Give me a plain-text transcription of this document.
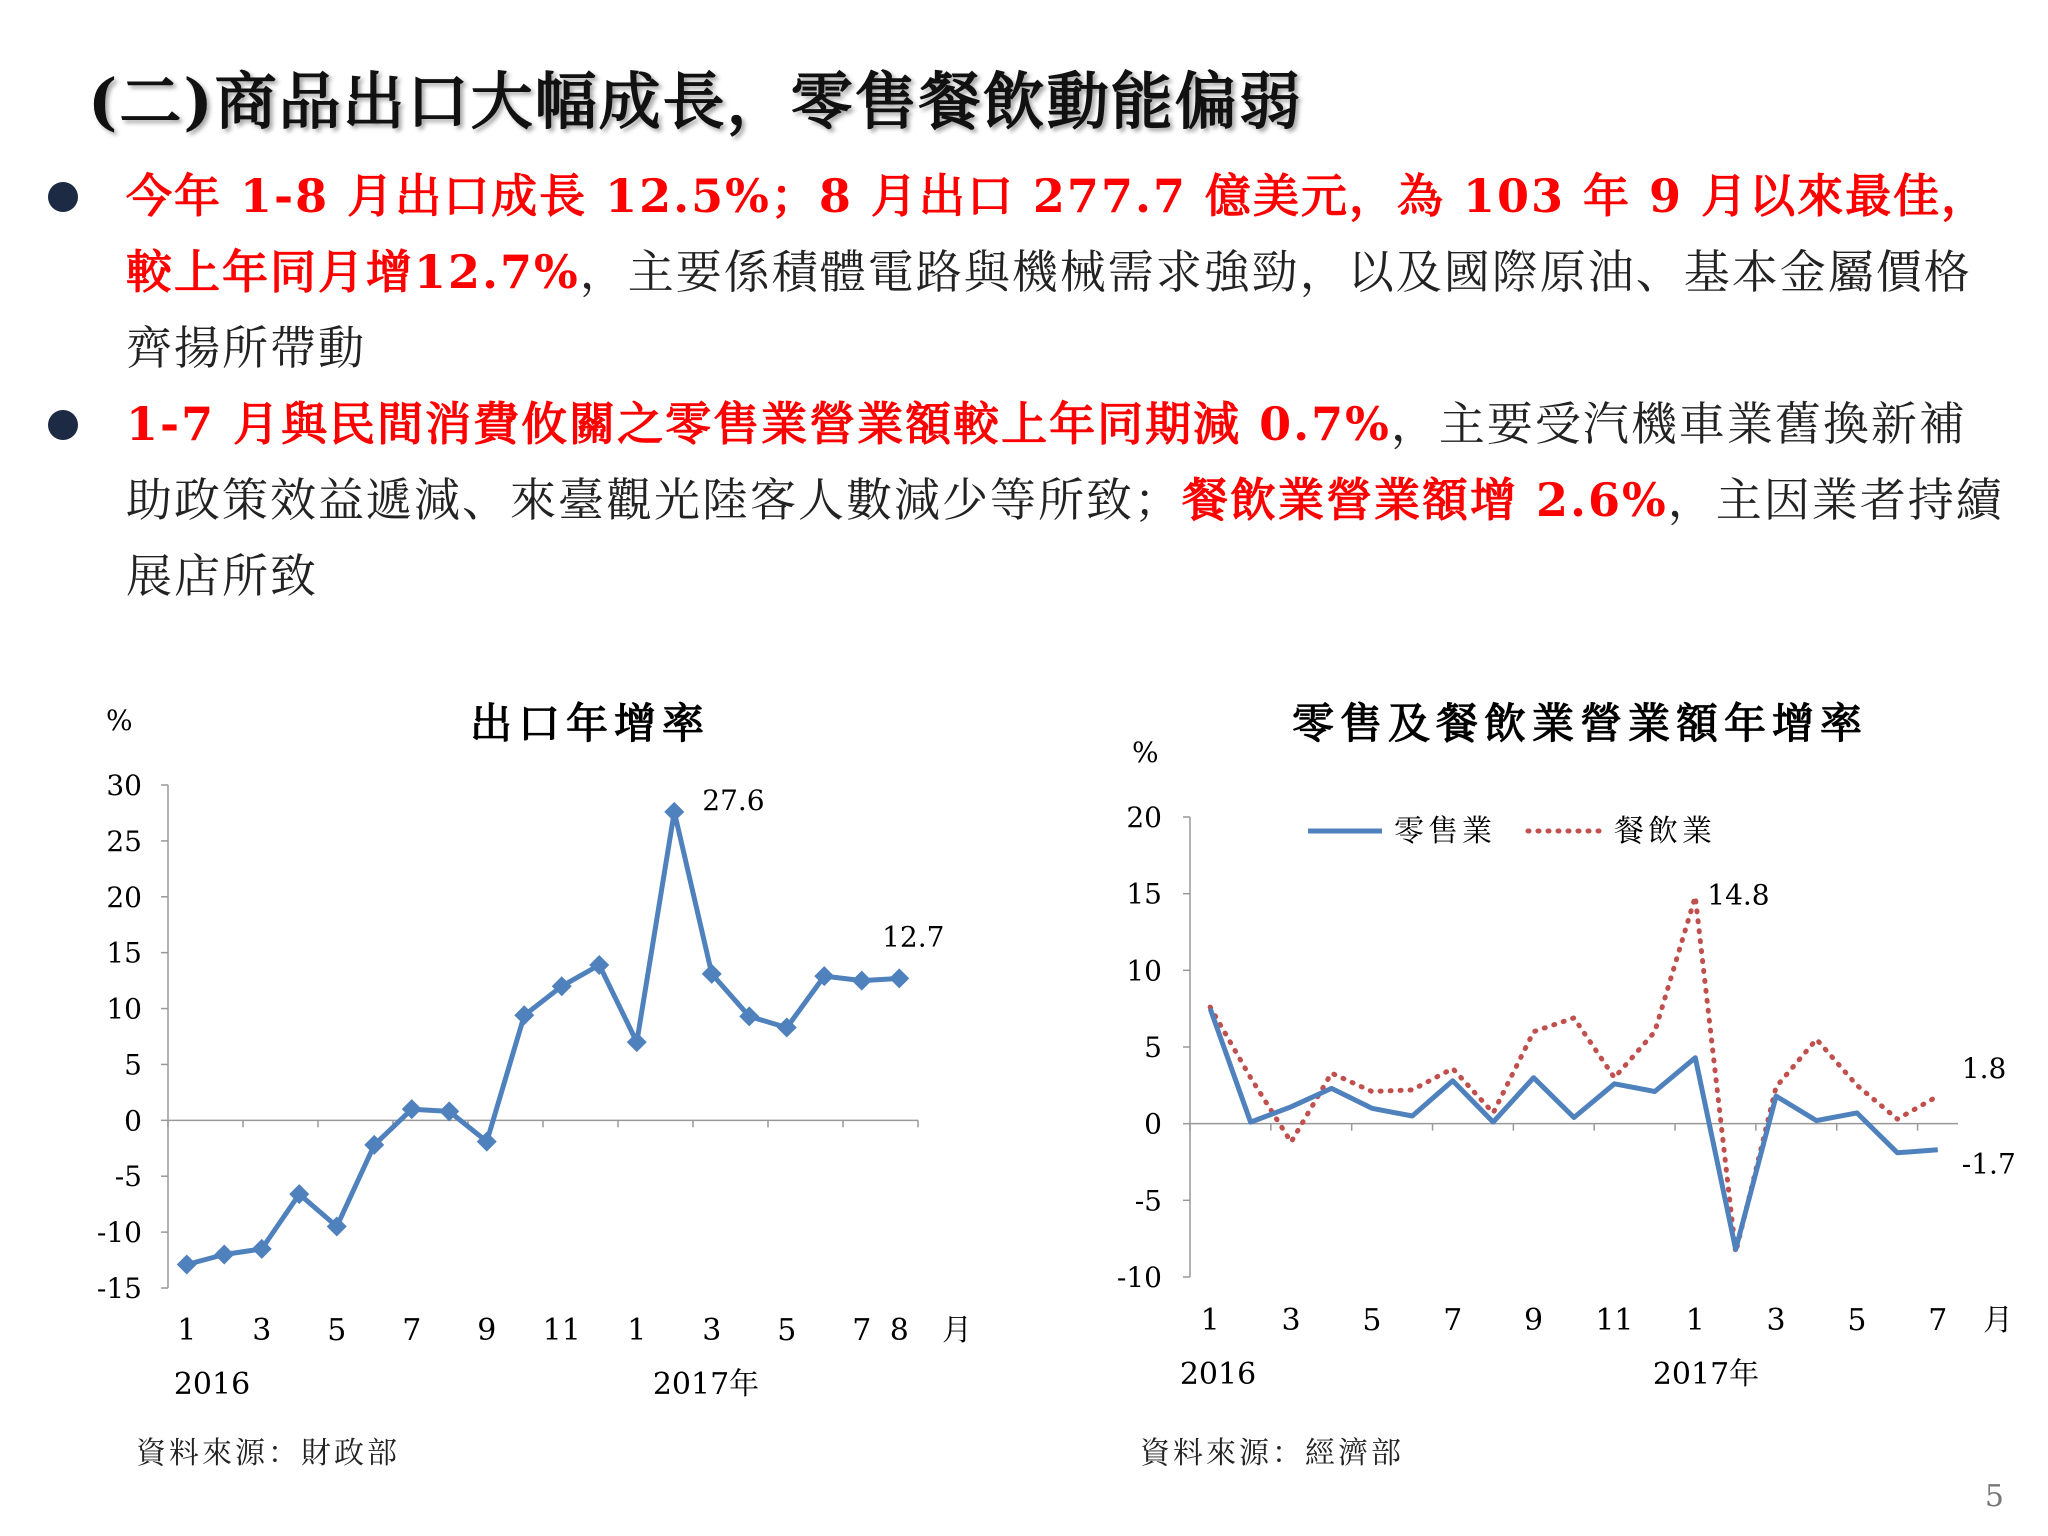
(二)商品出口大幅成長，零售餐飲動能偏弱
今年 1-8 月出口成長 12.5%；8 月出口 277.7 億美元，為 103 年 9 月以來最佳，較上年同月增12.7%，主要係積體電路與機械需求強勁，以及國際原油、基本金屬價格齊揚所帶動
1-7 月與民間消費攸關之零售業營業額較上年同期減 0.7%，主要受汽機車業舊換新補助政策效益遞減、來臺觀光陸客人數減少等所致；餐飲業營業額增 2.6%，主因業者持續展店所致
出口年增率
%
30
25
20
15
10
5
0
-5
-10
-15
1 3 5 7 9 11 1 3 5 7 8 月
2016	2017年
27.6
12.7
零售及餐飲業營業額年增率
%
20
15
10
5
0
-5
-10
1 3 5 7 9 11 1 3 5 7 月
2016	2017年
零售業	餐飲業
14.8
1.8
-1.7
資料來源：財政部	資料來源：經濟部
5
